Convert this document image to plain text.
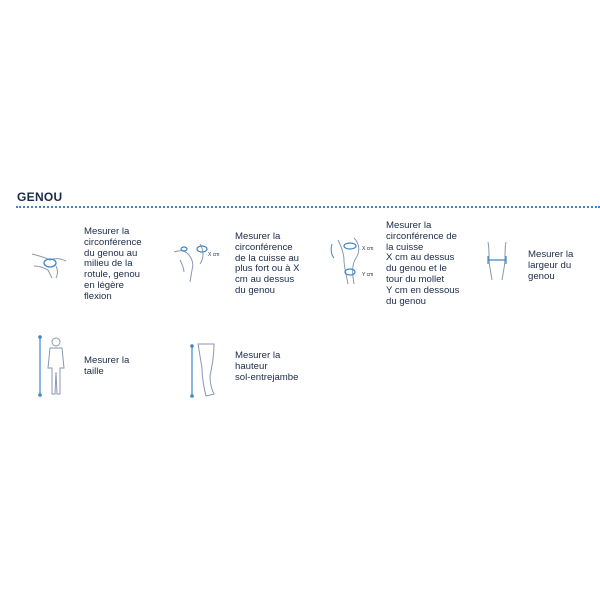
GENOU
Mesurer la
circonférence
du genou au
milieu de la
rotule, genou
en légère
flexion
X cm
Mesurer la
circonférence
de la cuisse au
plus fort ou à X
cm au dessus
du genou
X cm
Y cm
Mesurer la
circonférence de
la cuisse
X cm au dessus
du genou et le
tour du mollet
Y cm en dessous
du genou
Mesurer la
largeur du
genou
Mesurer la
taille
Mesurer la
hauteur
sol-entrejambe
